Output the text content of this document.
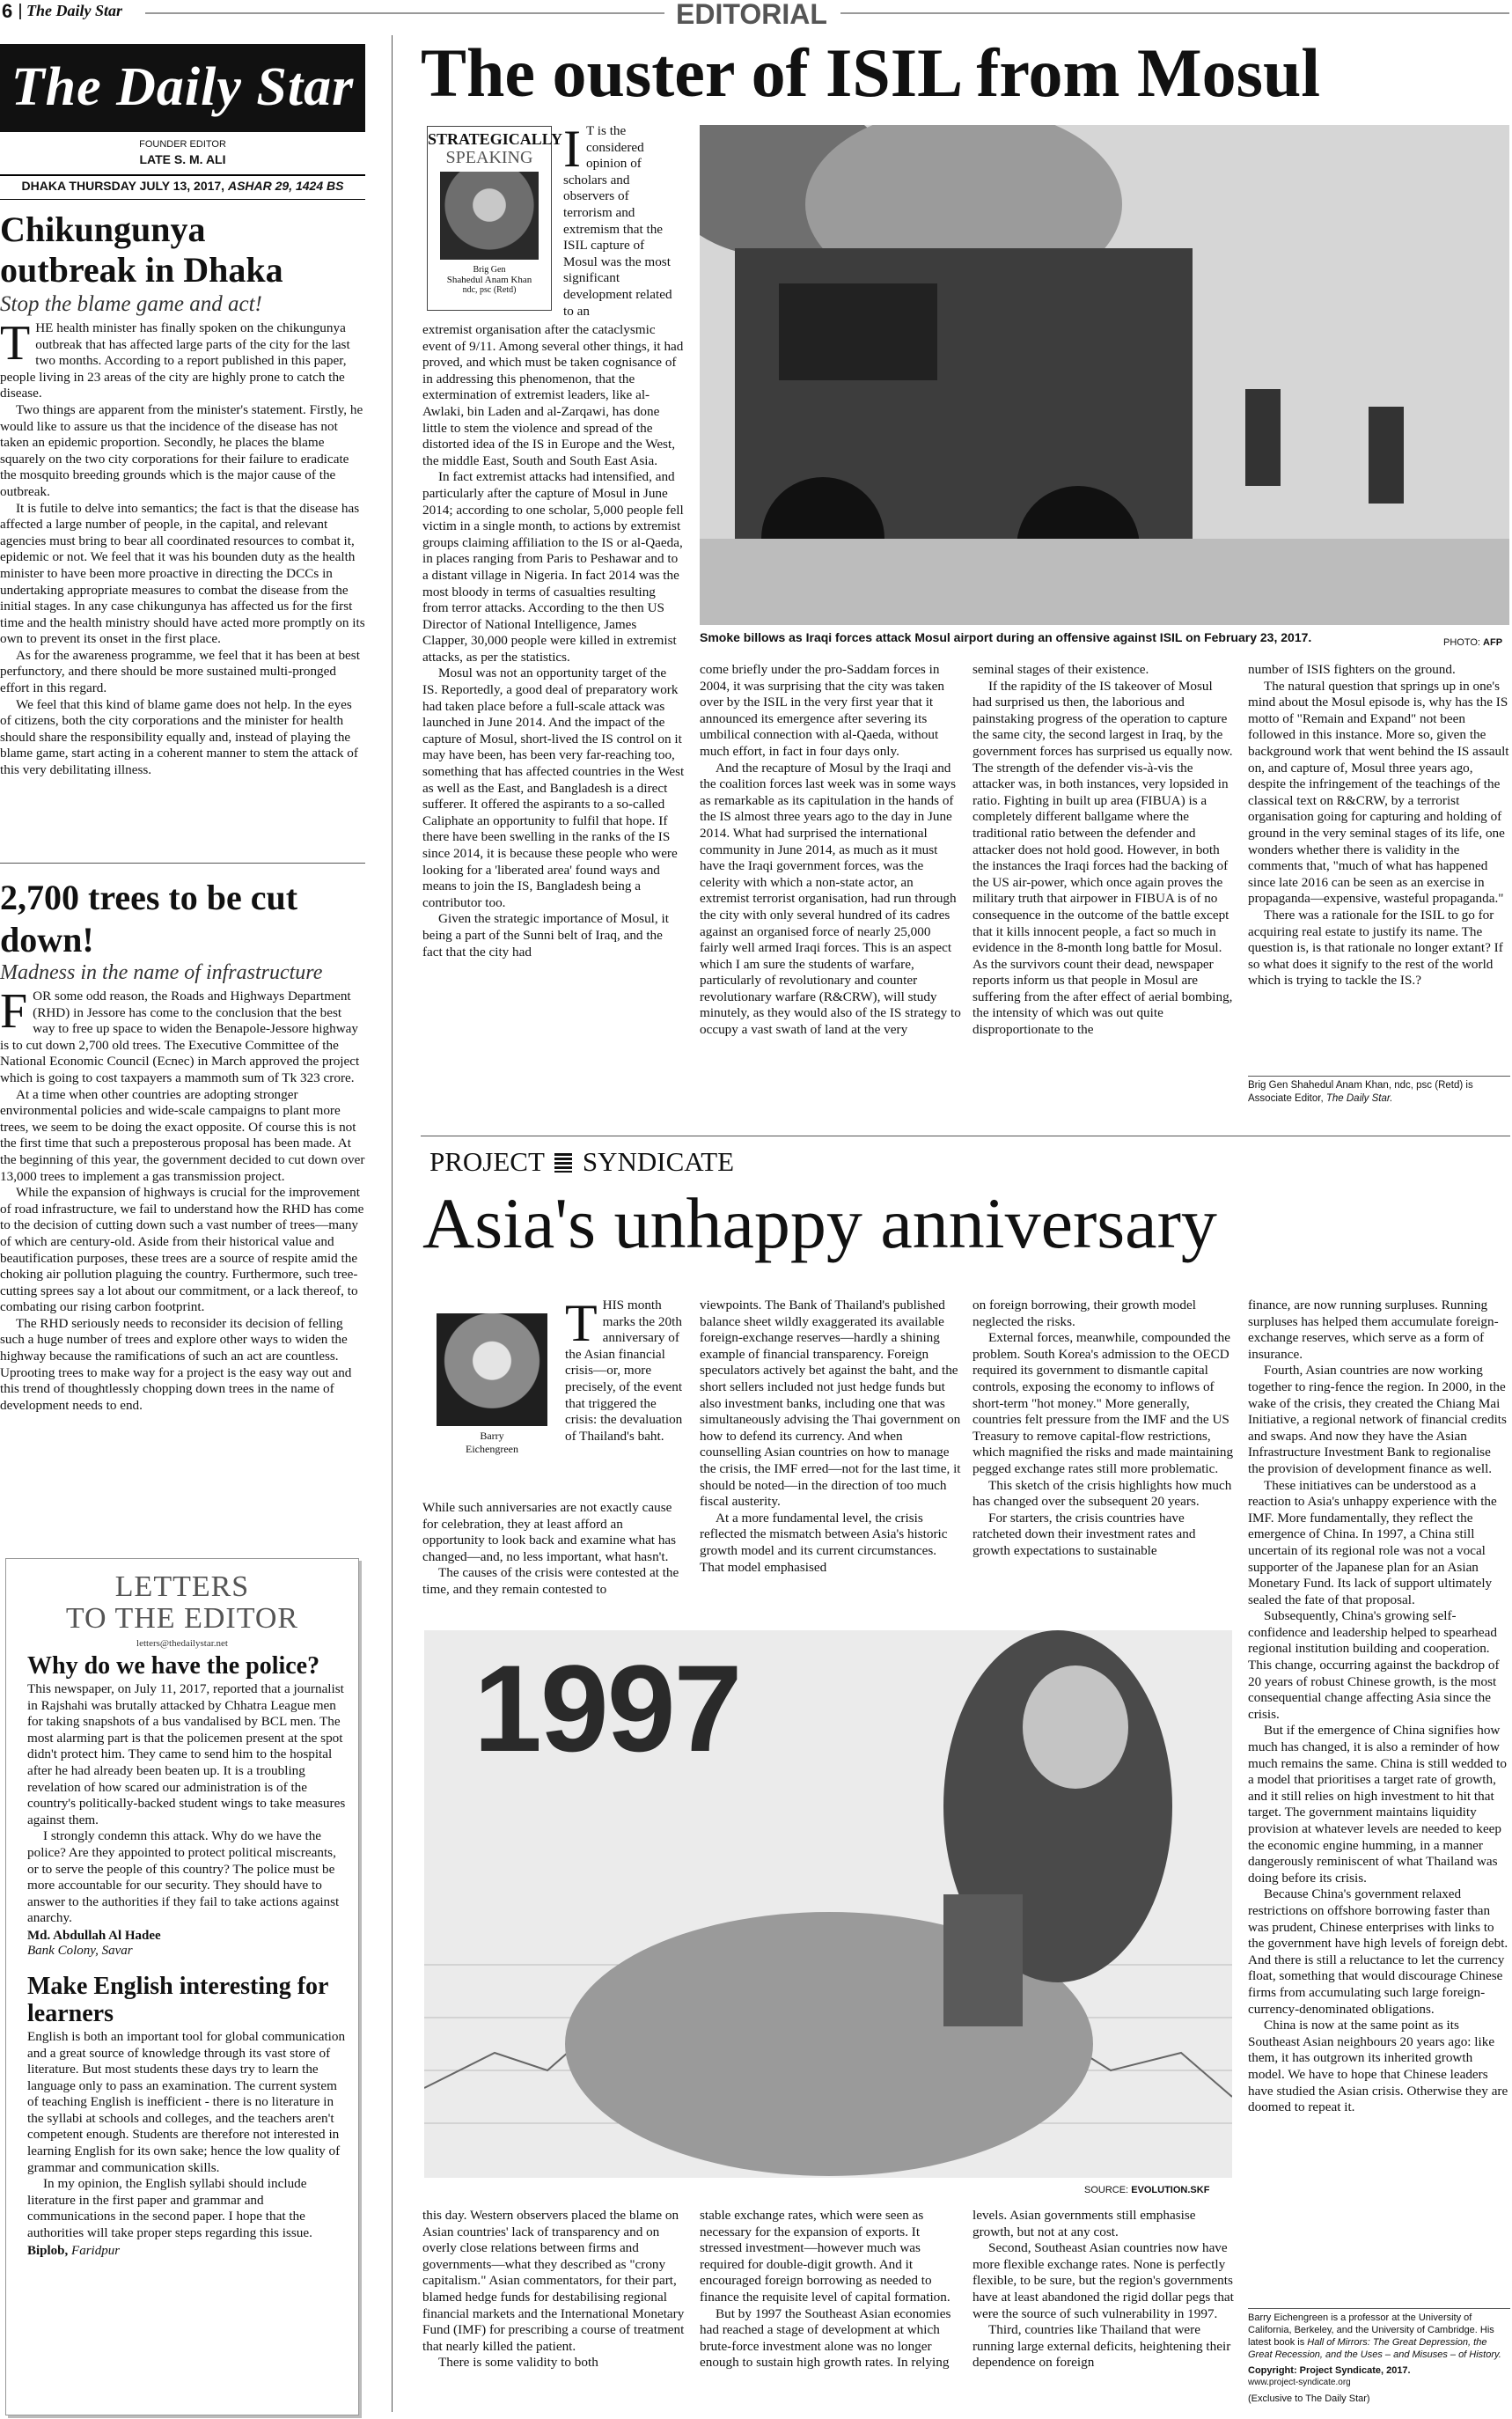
6 The Daily Star	EDITORIAL
The Daily Star
FOUNDER EDITOR
LATE S. M. ALI
DHAKA THURSDAY JULY 13, 2017, ASHAR 29, 1424 BS
Chikungunya outbreak in Dhaka
Stop the blame game and act!
T HE health minister has finally spoken on the chikungunya outbreak that has affected large parts of the city for the last two months. According to a report published in this paper, people living in 23 areas of the city are highly prone to catch the disease.

Two things are apparent from the minister's statement. Firstly, he would like to assure us that the incidence of the disease has not taken an epidemic proportion. Secondly, he places the blame squarely on the two city corporations for their failure to eradicate the mosquito breeding grounds which is the major cause of the outbreak.

It is futile to delve into semantics; the fact is that the disease has affected a large number of people, in the capital, and relevant agencies must bring to bear all coordinated resources to combat it, epidemic or not. We feel that it was his bounden duty as the health minister to have been more proactive in directing the DCCs in undertaking appropriate measures to combat the disease from the initial stages. In any case chikungunya has affected us for the first time and the health ministry should have acted more promptly on its own to prevent its onset in the first place.

As for the awareness programme, we feel that it has been at best perfunctory, and there should be more sustained multi-pronged effort in this regard.

We feel that this kind of blame game does not help. In the eyes of citizens, both the city corporations and the minister for health should share the responsibility equally and, instead of playing the blame game, start acting in a coherent manner to stem the attack of this very debilitating illness.

2,700 trees to be cut down!
Madness in the name of infrastructure
F OR some odd reason, the Roads and Highways Department (RHD) in Jessore has come to the conclusion that the best way to free up space to widen the Benapole-Jessore highway is to cut down 2,700 old trees. The Executive Committee of the National Economic Council (Ecnec) in March approved the project which is going to cost taxpayers a mammoth sum of Tk 323 crore.

At a time when other countries are adopting stronger environmental policies and wide-scale campaigns to plant more trees, we seem to be doing the exact opposite. Of course this is not the first time that such a preposterous proposal has been made. At the beginning of this year, the government decided to cut down over 13,000 trees to implement a gas transmission project.

While the expansion of highways is crucial for the improvement of road infrastructure, we fail to understand how the RHD has come to the decision of cutting down such a vast number of trees—many of which are century-old. Aside from their historical value and beautification purposes, these trees are a source of respite amid the choking air pollution plaguing the country. Furthermore, such tree-cutting sprees say a lot about our commitment, or a lack thereof, to combating our rising carbon footprint.

The RHD seriously needs to reconsider its decision of felling such a huge number of trees and explore other ways to widen the highway because the ramifications of such an act are countless. Uprooting trees to make way for a project is the easy way out and this trend of thoughtlessly chopping down trees in the name of development needs to end.

LETTERS
TO THE EDITOR
letters@thedailystar.net
Why do we have the police?

This newspaper, on July 11, 2017, reported that a journalist in Rajshahi was brutally attacked by Chhatra League men for taking snapshots of a bus vandalised by BCL men. The most alarming part is that the policemen present at the spot didn't protect him. They came to send him to the hospital after he had already been beaten up. It is a troubling revelation of how scared our administration is of the country's politically-backed student wings to take measures against them.

I strongly condemn this attack. Why do we have the police? Are they appointed to protect political miscreants, or to serve the people of this country? The police must be more accountable for our security. They should have to answer to the authorities if they fail to take actions against anarchy.

Md. Abdullah Al Hadee
Bank Colony, Savar
Make English interesting for learners

English is both an important tool for global communication and a great source of knowledge through its vast store of literature. But most students these days try to learn the language only to pass an examination. The current system of teaching English is inefficient - there is no literature in the syllabi at schools and colleges, and the teachers aren't competent enough. Students are therefore not interested in learning English for its own sake; hence the low quality of grammar and communication skills.

In my opinion, the English syllabi should include literature in the first paper and grammar and communications in the second paper. I hope that the authorities will take proper steps regarding this issue.

Biplob, Faridpur
The ouster of ISIL from Mosul
STRATEGICALLY
SPEAKING
Brig Gen
Shahedul Anam Khan
ndc, psc (Retd)
I T is the considered opinion of scholars and observers of terrorism and extremism that the ISIL capture of Mosul was the most significant development related to an
Smoke billows as Iraqi forces attack Mosul airport during an offensive against ISIL on February 23, 2017.	PHOTO: AFP

extremist organisation after the cataclysmic event of 9/11. Among several other things, it had proved, and which must be taken cognisance of in addressing this phenomenon, that the extermination of extremist leaders, like al-Awlaki, bin Laden and al-Zarqawi, has done little to stem the violence and spread of the distorted idea of the IS in Europe and the West, the middle East, South and South East Asia.

In fact extremist attacks had intensified, and particularly after the capture of Mosul in June 2014; according to one scholar, 5,000 people fell victim in a single month, to actions by extremist groups claiming affiliation to the IS or al-Qaeda, in places ranging from Paris to Peshawar and to a distant village in Nigeria. In fact 2014 was the most bloody in terms of casualties resulting from terror attacks. According to the then US Director of National Intelligence, James Clapper, 30,000 people were killed in extremist attacks, as per the statistics.

Mosul was not an opportunity target of the IS. Reportedly, a good deal of preparatory work had taken place before a full-scale attack was launched in June 2014. And the impact of the capture of Mosul, short-lived the IS control on it may have been, has been very far-reaching too, something that has affected countries in the West as well as the East, and Bangladesh is a direct sufferer. It offered the aspirants to a so-called Caliphate an opportunity to fulfil that hope. If there have been swelling in the ranks of the IS since 2014, it is because these people who were looking for a 'liberated area' found ways and means to join the IS, Bangladesh being a contributor too.

Given the strategic importance of Mosul, it being a part of the Sunni belt of Iraq, and the fact that the city had

come briefly under the pro-Saddam forces in 2004, it was surprising that the city was taken over by the ISIL in the very first year that it announced its emergence after severing its umbilical connection with al-Qaeda, without much effort, in fact in four days only.

And the recapture of Mosul by the Iraqi and the coalition forces last week was in some ways as remarkable as its capitulation in the hands of the IS almost three years ago to the day in June 2014. What had surprised the international community in June 2014, as much as it must have the Iraqi government forces, was the celerity with which a non-state actor, an extremist terrorist organisation, had run through the city with only several hundred of its cadres against an organised force of nearly 25,000 fairly well armed Iraqi forces. This is an aspect which I am sure the students of warfare, particularly of revolutionary and counter revolutionary warfare (R&CRW), will study minutely, as they would also of the IS strategy to occupy a vast swath of land at the very

seminal stages of their existence.

If the rapidity of the IS takeover of Mosul had surprised us then, the laborious and painstaking progress of the operation to capture the same city, the second largest in Iraq, by the government forces has surprised us equally now. The strength of the defender vis-à-vis the attacker was, in both instances, very lopsided in ratio. Fighting in built up area (FIBUA) is a completely different ballgame where the traditional ratio between the defender and attacker does not hold good. However, in both the instances the Iraqi forces had the backing of the US air-power, which once again proves the military truth that airpower in FIBUA is of no consequence in the outcome of the battle except that it kills innocent people, a fact so much in evidence in the 8-month long battle for Mosul. As the survivors count their dead, newspaper reports inform us that people in Mosul are suffering from the after effect of aerial bombing, the intensity of which was out quite disproportionate to the

number of ISIS fighters on the ground.

The natural question that springs up in one's mind about the Mosul episode is, why has the IS motto of "Remain and Expand" not been followed in this instance. More so, given the background work that went behind the IS assault on, and capture of, Mosul three years ago, despite the infringement of the teachings of the classical text on R&CRW, by a terrorist organisation going for capturing and holding of ground in the very seminal stages of its life, one wonders whether there is validity in the comments that, "much of what has happened since late 2016 can be seen as an exercise in propaganda—expensive, wasteful propaganda."

There was a rationale for the ISIL to go for acquiring real estate to justify its name. The question is, is that rationale no longer extant? If so what does it signify to the rest of the world which is trying to tackle the IS.?

Brig Gen Shahedul Anam Khan, ndc, psc (Retd) is Associate Editor, The Daily Star.
PROJECT SYNDICATE
Asia's unhappy anniversary
Barry
Eichengreen
T HIS month marks the 20th anniversary of the Asian financial crisis—or, more precisely, of the event that triggered the crisis: the devaluation of Thailand's baht.

While such anniversaries are not exactly cause for celebration, they at least afford an opportunity to look back and examine what has changed—and, no less important, what hasn't.

The causes of the crisis were contested at the time, and they remain contested to

viewpoints. The Bank of Thailand's published balance sheet wildly exaggerated its available foreign-exchange reserves—hardly a shining example of financial transparency. Foreign speculators actively bet against the baht, and the short sellers included not just hedge funds but also investment banks, including one that was simultaneously advising the Thai government on how to defend its currency. And when counselling Asian countries on how to manage the crisis, the IMF erred—not for the last time, it should be noted—in the direction of too much fiscal austerity.

At a more fundamental level, the crisis reflected the mismatch between Asia's historic growth model and its current circumstances. That model emphasised

on foreign borrowing, their growth model neglected the risks.

External forces, meanwhile, compounded the problem. South Korea's admission to the OECD required its government to dismantle capital controls, exposing the economy to inflows of short-term "hot money." More generally, countries felt pressure from the IMF and the US Treasury to remove capital-flow restrictions, which magnified the risks and made maintaining pegged exchange rates still more problematic.

This sketch of the crisis highlights how much has changed over the subsequent 20 years.

For starters, the crisis countries have ratcheted down their investment rates and growth expectations to sustainable

1997
SOURCE: EVOLUTION.SKF

this day. Western observers placed the blame on Asian countries' lack of transparency and on overly close relations between firms and governments—what they described as "crony capitalism." Asian commentators, for their part, blamed hedge funds for destabilising regional financial markets and the International Monetary Fund (IMF) for prescribing a course of treatment that nearly killed the patient.

There is some validity to both

stable exchange rates, which were seen as necessary for the expansion of exports. It stressed investment—however much was required for double-digit growth. And it encouraged foreign borrowing as needed to finance the requisite level of capital formation.

But by 1997 the Southeast Asian economies had reached a stage of development at which brute-force investment alone was no longer enough to sustain high growth rates. In relying

levels. Asian governments still emphasise growth, but not at any cost.

Second, Southeast Asian countries now have more flexible exchange rates. None is perfectly flexible, to be sure, but the region's governments have at least abandoned the rigid dollar pegs that were the source of such vulnerability in 1997.

Third, countries like Thailand that were running large external deficits, heightening their dependence on foreign

finance, are now running surpluses. Running surpluses has helped them accumulate foreign-exchange reserves, which serve as a form of insurance.

Fourth, Asian countries are now working together to ring-fence the region. In 2000, in the wake of the crisis, they created the Chiang Mai Initiative, a regional network of financial credits and swaps. And now they have the Asian Infrastructure Investment Bank to regionalise the provision of development finance as well.

These initiatives can be understood as a reaction to Asia's unhappy experience with the IMF. More fundamentally, they reflect the emergence of China. In 1997, a China still uncertain of its regional role was not a vocal supporter of the Japanese plan for an Asian Monetary Fund. Its lack of support ultimately sealed the fate of that proposal.

Subsequently, China's growing self-confidence and leadership helped to spearhead regional institution building and cooperation. This change, occurring against the backdrop of 20 years of robust Chinese growth, is the most consequential change affecting Asia since the crisis.

But if the emergence of China signifies how much has changed, it is also a reminder of how much remains the same. China is still wedded to a model that prioritises a target rate of growth, and it still relies on high investment to hit that target. The government maintains liquidity provision at whatever levels are needed to keep the economic engine humming, in a manner dangerously reminiscent of what Thailand was doing before its crisis.

Because China's government relaxed restrictions on offshore borrowing faster than was prudent, Chinese enterprises with links to the government have high levels of foreign debt. And there is still a reluctance to let the currency float, something that would discourage Chinese firms from accumulating such large foreign-currency-denominated obligations.

China is now at the same point as its Southeast Asian neighbours 20 years ago: like them, it has outgrown its inherited growth model. We have to hope that Chinese leaders have studied the Asian crisis. Otherwise they are doomed to repeat it.

Barry Eichengreen is a professor at the University of California, Berkeley, and the University of Cambridge. His latest book is Hall of Mirrors: The Great Depression, the Great Recession, and the Uses – and Misuses – of History.
Copyright: Project Syndicate, 2017.
www.project-syndicate.org
(Exclusive to The Daily Star)
